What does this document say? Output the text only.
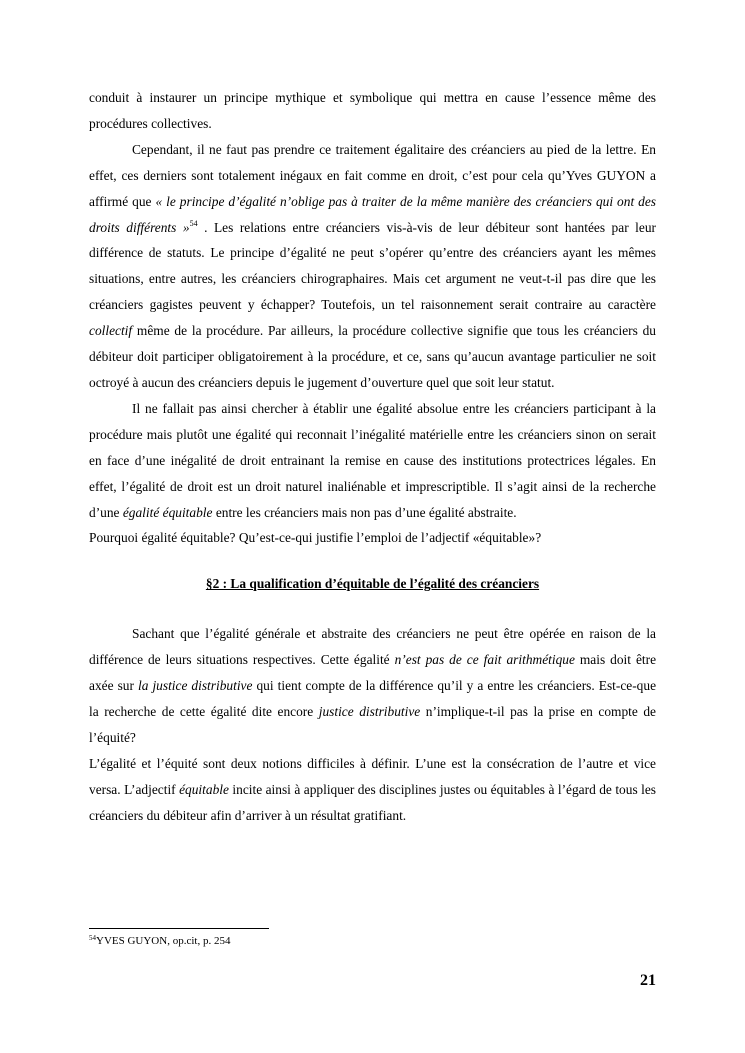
conduit à instaurer un principe mythique et symbolique qui mettra en cause l’essence même des procédures collectives.

Cependant, il ne faut pas prendre ce traitement égalitaire des créanciers au pied de la lettre. En effet, ces derniers sont totalement inégaux en fait comme en droit, c’est pour cela qu’Yves GUYON a affirmé que « le principe d’égalité n’oblige pas à traiter de la même manière des créanciers qui ont des droits différents »$^{54}$ . Les relations entre créanciers vis-à-vis de leur débiteur sont hantées par leur différence de statuts. Le principe d’égalité ne peut s’opérer qu’entre des créanciers ayant les mêmes situations, entre autres, les créanciers chirographaires. Mais cet argument ne veut-t-il pas dire que les créanciers gagistes peuvent y échapper? Toutefois, un tel raisonnement serait contraire au caractère collectif même de la procédure. Par ailleurs, la procédure collective signifie que tous les créanciers du débiteur doit participer obligatoirement à la procédure, et ce, sans qu’aucun avantage particulier ne soit octroyé à aucun des créanciers depuis le jugement d’ouverture quel que soit leur statut.

Il ne fallait pas ainsi chercher à établir une égalité absolue entre les créanciers participant à la procédure mais plutôt une égalité qui reconnait l’inégalité matérielle entre les créanciers sinon on serait en face d’une inégalité de droit entrainant la remise en cause des institutions protectrices légales. En effet, l’égalité de droit est un droit naturel inaliénable et imprescriptible. Il s’agit ainsi de la recherche d’une égalité équitable entre les créanciers mais non pas d’une égalité abstraite.

Pourquoi égalité équitable? Qu’est-ce-qui justifie l’emploi de l’adjectif «équitable»?

§2 : La qualification d’équitable de l’égalité des créanciers

Sachant que l’égalité générale et abstraite des créanciers ne peut être opérée en raison de la différence de leurs situations respectives. Cette égalité n’est pas de ce fait arithmétique mais doit être axée sur la justice distributive qui tient compte de la différence qu’il y a entre les créanciers. Est-ce-que la recherche de cette égalité dite encore justice distributive n’implique-t-il pas la prise en compte de l’équité?

L’égalité et l’équité sont deux notions difficiles à définir. L’une est la consécration de l’autre et vice versa. L’adjectif équitable incite ainsi à appliquer des disciplines justes ou équitables à l’égard de tous les créanciers du débiteur afin d’arriver à un résultat gratifiant.

$^{54}$YVES GUYON, op.cit, p. 254
21
